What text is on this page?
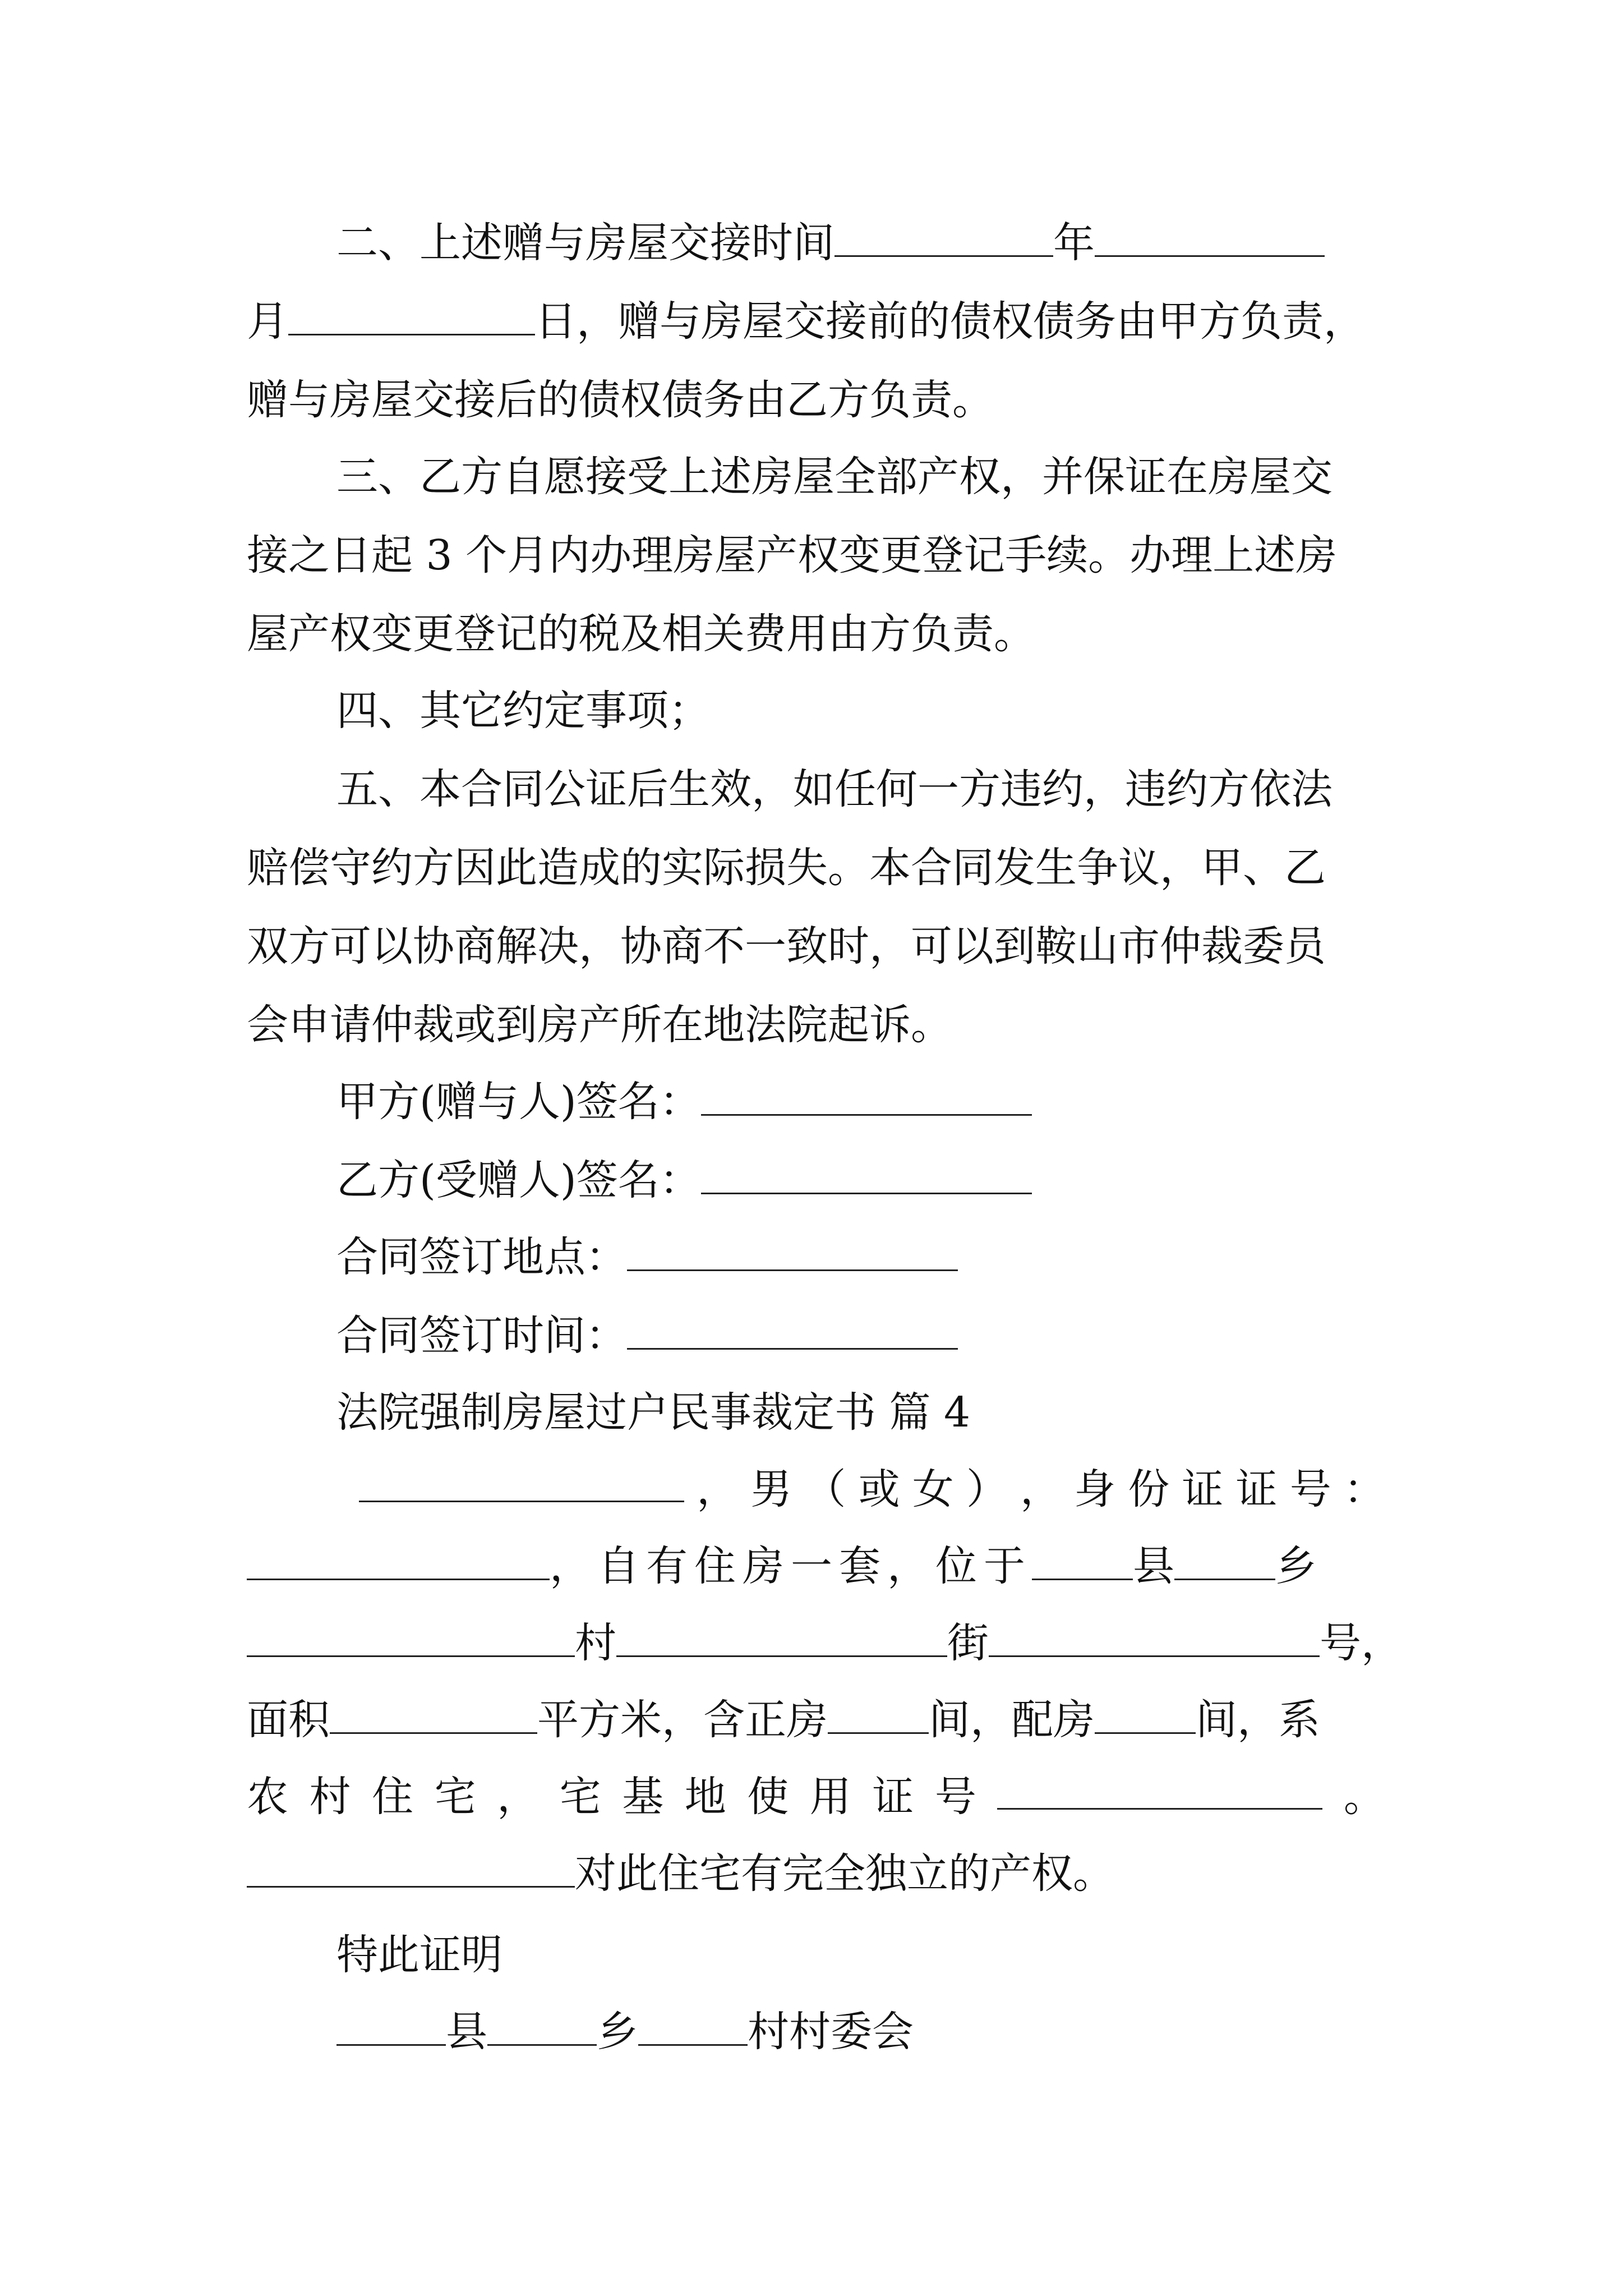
二、上述赠与房屋交接时间	年
月	日，赠与房屋交接前的债权债务由甲方负责，
赠与房屋交接后的债权债务由乙方负责。
三、乙方自愿接受上述房屋全部产权，并保证在房屋交
接之日起 3 个月内办理房屋产权变更登记手续。办理上述房
屋产权变更登记的税及相关费用由方负责。
四、其它约定事项；
五、本合同公证后生效，如任何一方违约，违约方依法
赔偿守约方因此造成的实际损失。本合同发生争议，甲、乙
双方可以协商解决，协商不一致时，可以到鞍山市仲裁委员
会申请仲裁或到房产所在地法院起诉。
甲方(赠与人)签名：
乙方(受赠人)签名：
合同签订地点：
合同签订时间：
法院强制房屋过户民事裁定书 篇 4
， 男 （ 或 女 ） ， 身 份 证 证 号 ：
，自有住房一套，位于 县 乡
村	街	号，
面积	平方米，含正房 间，配房 间，系
农 村 住 宅 ， 宅 基 地 使 用 证 号	。
对此住宅有完全独立的产权。
特此证明
县	乡	村村委会
